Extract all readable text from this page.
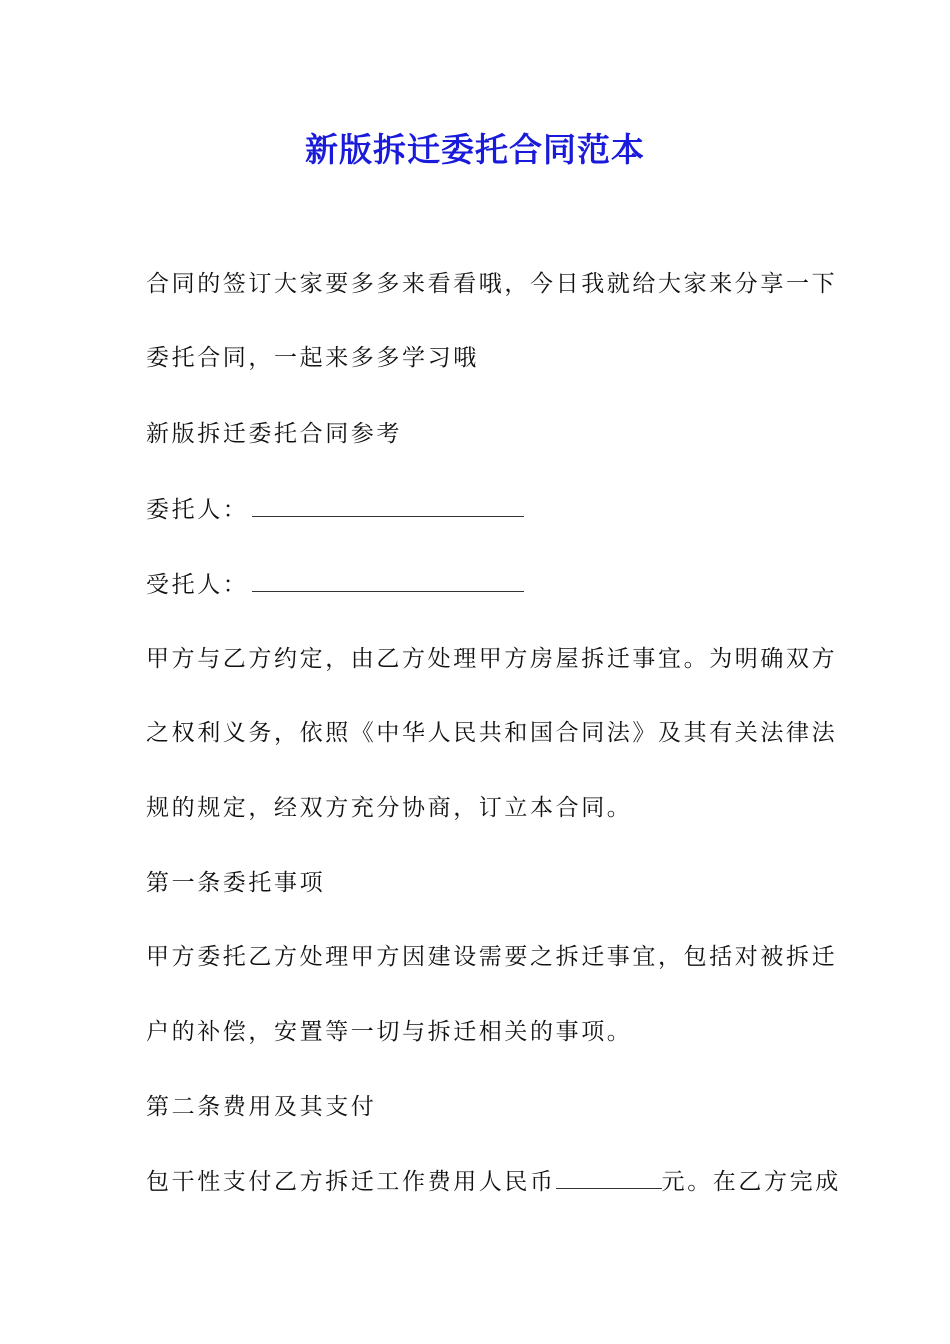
新版拆迁委托合同范本
合同的签订大家要多多来看看哦，今日我就给大家来分享一下
委托合同，一起来多多学习哦
新版拆迁委托合同参考
委托人：
受托人：
甲方与乙方约定，由乙方处理甲方房屋拆迁事宜。为明确双方
之权利义务，依照《中华人民共和国合同法》及其有关法律法
规的规定，经双方充分协商，订立本合同。
第一条委托事项
甲方委托乙方处理甲方因建设需要之拆迁事宜，包括对被拆迁
户的补偿，安置等一切与拆迁相关的事项。
第二条费用及其支付
包干性支付乙方拆迁工作费用人民币	元。在乙方完成
